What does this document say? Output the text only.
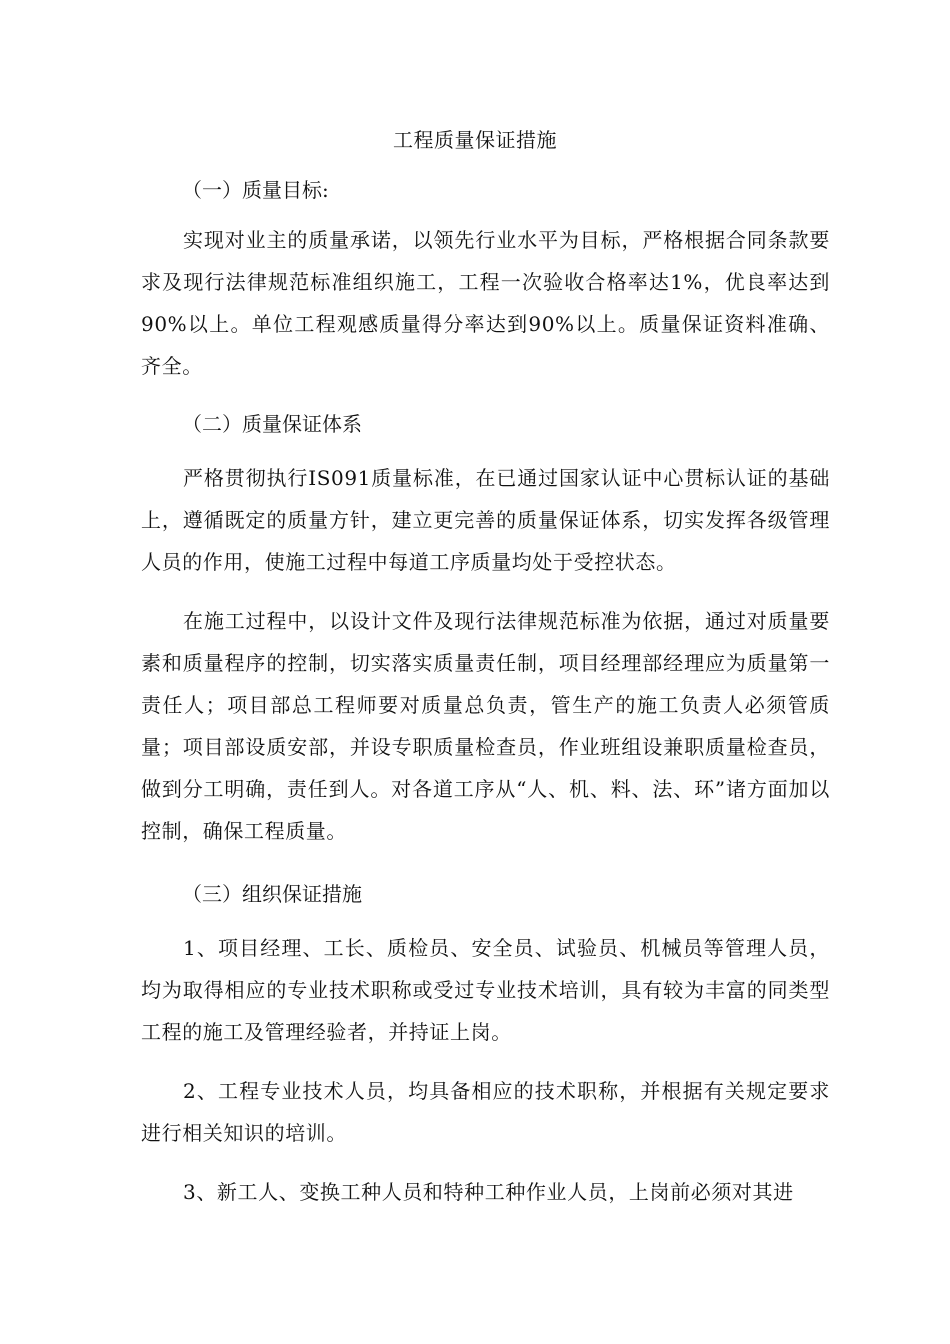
工程质量保证措施
（一）质量目标:

实现对业主的质量承诺，以领先行业水平为目标，严格根据合同条款要求及现行法律规范标准组织施工，工程一次验收合格率达1%，优良率达到90%以上。单位工程观感质量得分率达到90%以上。质量保证资料准确、齐全。

（二）质量保证体系

严格贯彻执行IS091质量标准，在已通过国家认证中心贯标认证的基础上，遵循既定的质量方针，建立更完善的质量保证体系，切实发挥各级管理人员的作用，使施工过程中每道工序质量均处于受控状态。

在施工过程中，以设计文件及现行法律规范标准为依据，通过对质量要素和质量程序的控制，切实落实质量责任制，项目经理部经理应为质量第一责任人；项目部总工程师要对质量总负责，管生产的施工负责人必须管质量；项目部设质安部，并设专职质量检查员，作业班组设兼职质量检查员，做到分工明确，责任到人。对各道工序从“人、机、料、法、环”诸方面加以控制，确保工程质量。

（三）组织保证措施

1、项目经理、工长、质检员、安全员、试验员、机械员等管理人员，均为取得相应的专业技术职称或受过专业技术培训，具有较为丰富的同类型工程的施工及管理经验者，并持证上岗。

2、工程专业技术人员，均具备相应的技术职称，并根据有关规定要求进行相关知识的培训。

3、新工人、变换工种人员和特种工种作业人员，上岗前必须对其进
